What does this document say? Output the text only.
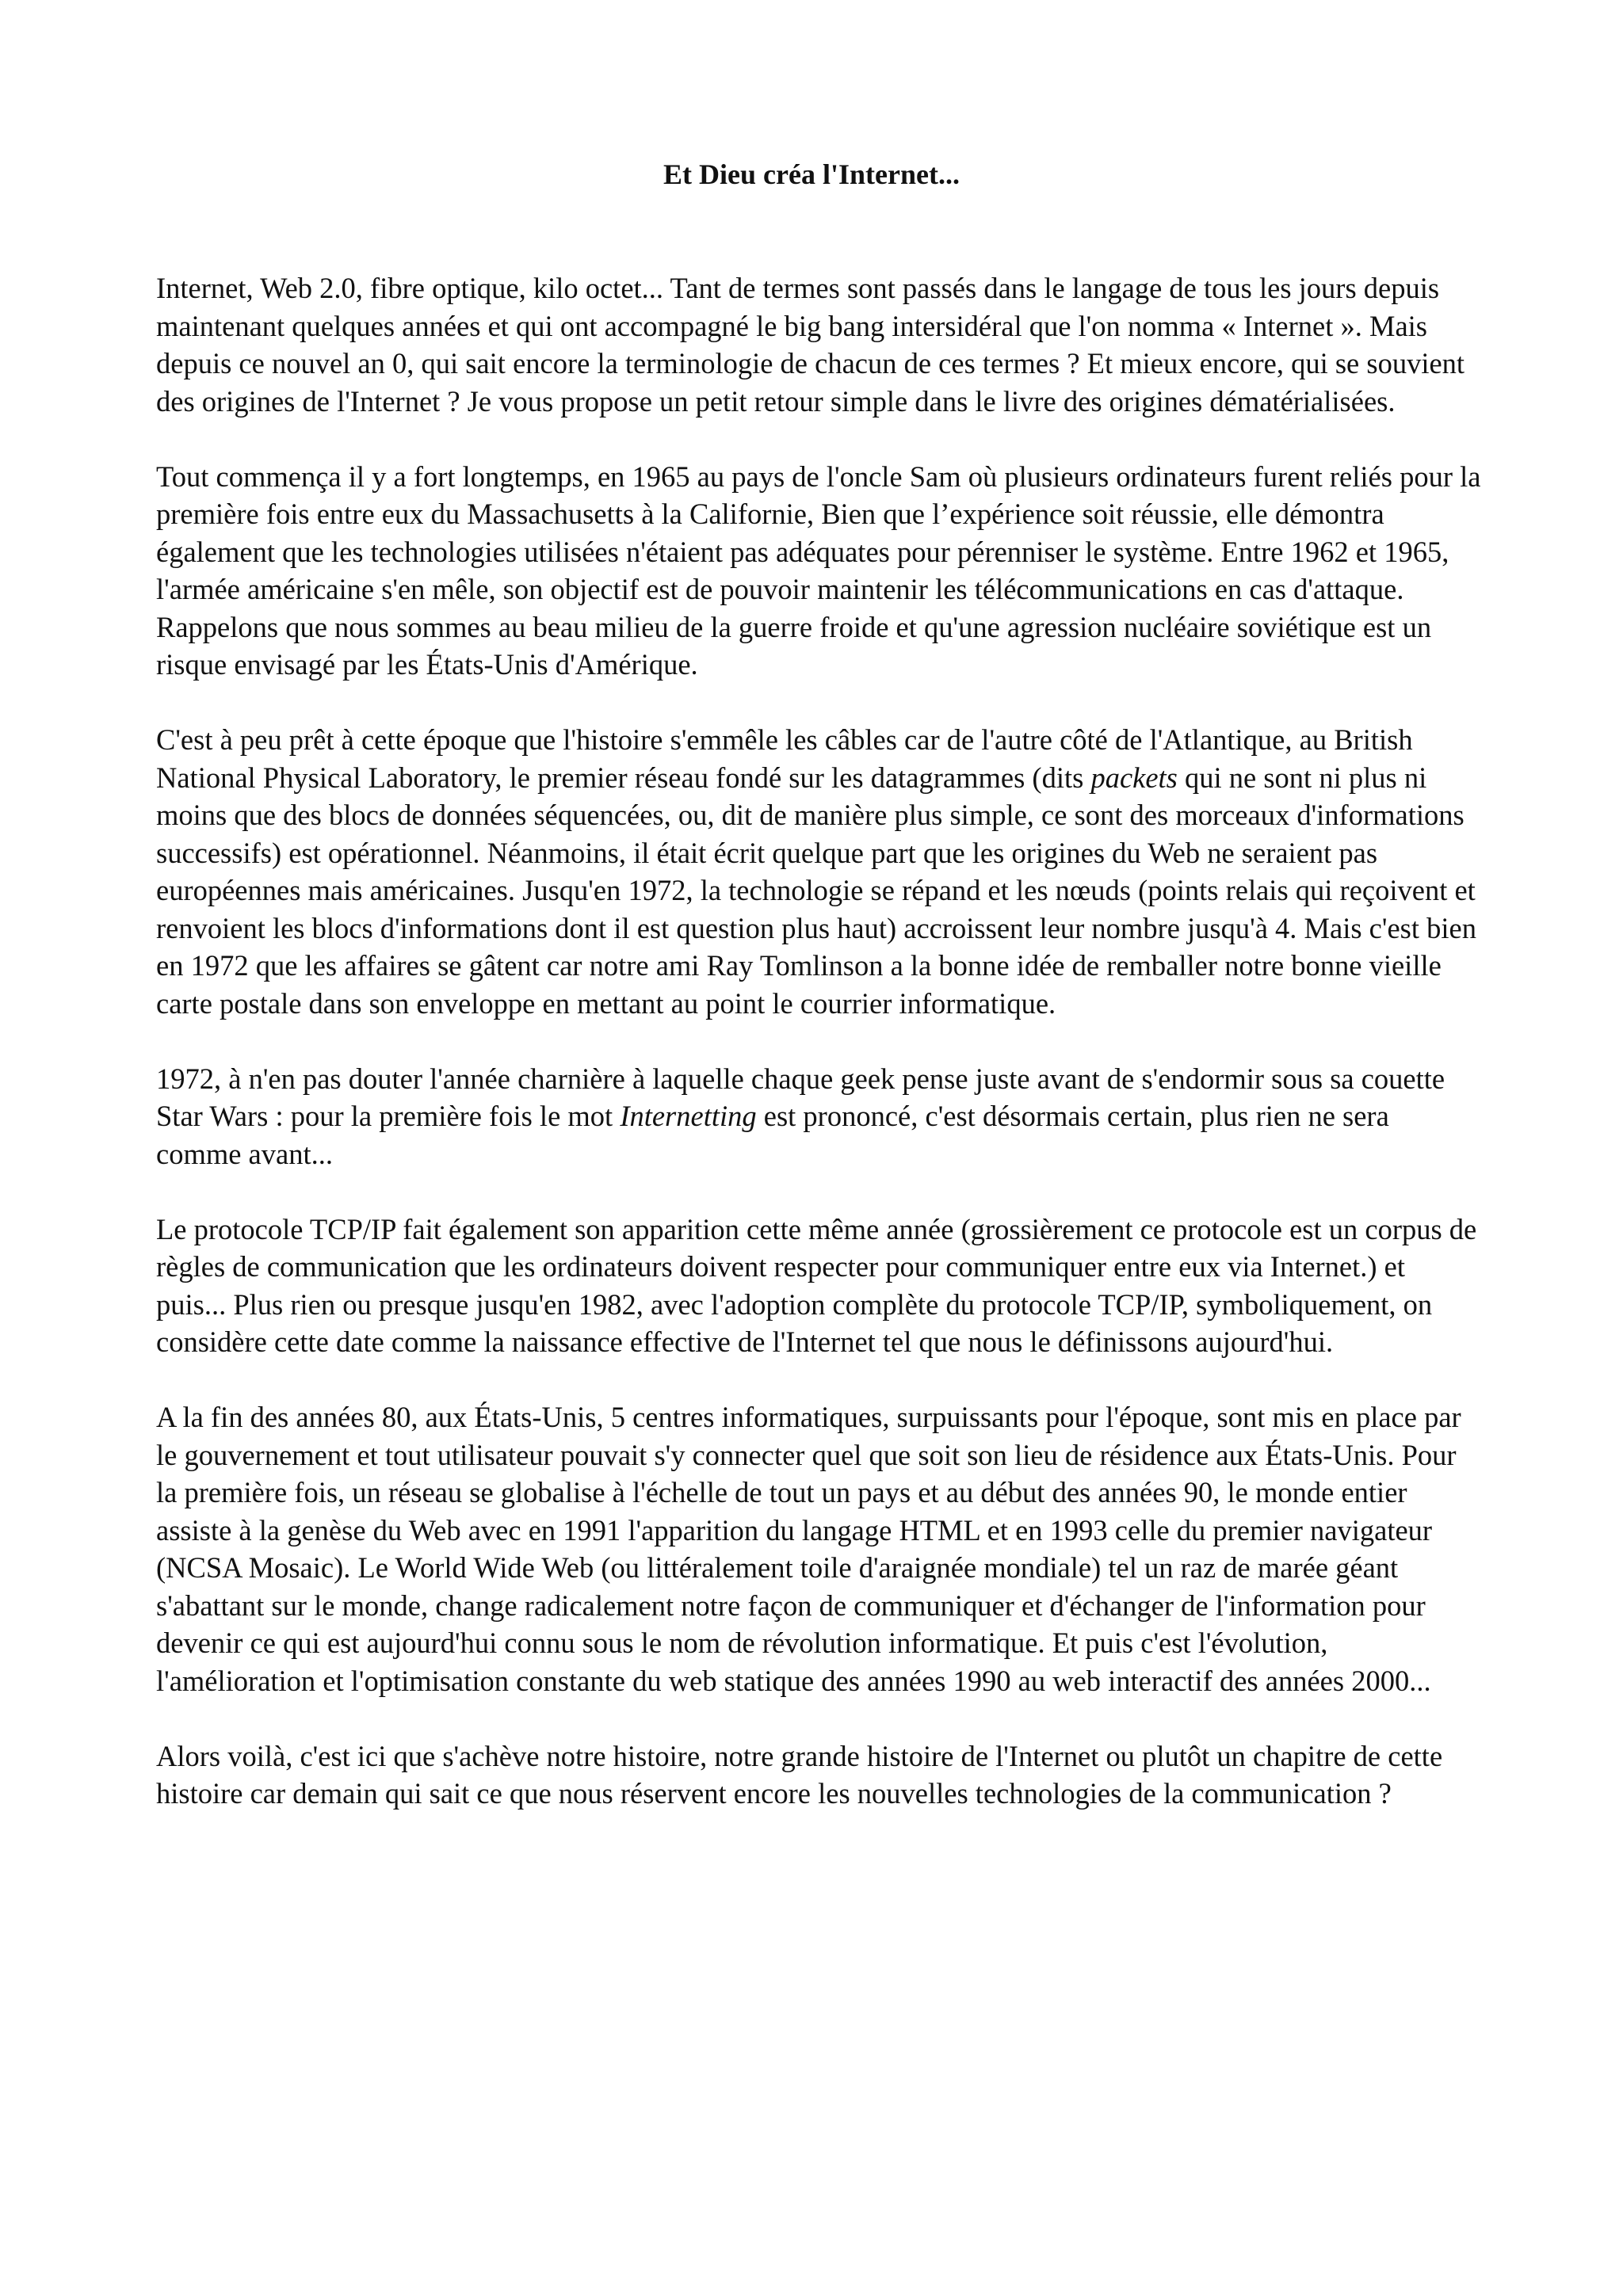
Et Dieu créa l'Internet...

Internet, Web 2.0, fibre optique, kilo octet... Tant de termes sont passés dans le langage de tous les jours depuis maintenant quelques années et qui ont accompagné le big bang intersidéral que l'on nomma « Internet ». Mais depuis ce nouvel an 0, qui sait encore la terminologie de chacun de ces termes ? Et mieux encore, qui se souvient des origines de l'Internet ? Je vous propose un petit retour simple dans le livre des origines dématérialisées.

Tout commença il y a fort longtemps, en 1965 au pays de l'oncle Sam où plusieurs ordinateurs furent reliés pour la première fois entre eux du Massachusetts à la Californie, Bien que l’expérience soit réussie, elle démontra également que les technologies utilisées n'étaient pas adéquates pour pérenniser le système. Entre 1962 et 1965, l'armée américaine s'en mêle, son objectif est de pouvoir maintenir les télécommunications en cas d'attaque. Rappelons que nous sommes au beau milieu de la guerre froide et qu'une agression nucléaire soviétique est un risque envisagé par les États-Unis d'Amérique.

C'est à peu prêt à cette époque que l'histoire s'emmêle les câbles car de l'autre côté de l'Atlantique, au British National Physical Laboratory, le premier réseau fondé sur les datagrammes (dits packets qui ne sont ni plus ni moins que des blocs de données séquencées, ou, dit de manière plus simple, ce sont des morceaux d'informations successifs) est opérationnel. Néanmoins, il était écrit quelque part que les origines du Web ne seraient pas européennes mais américaines. Jusqu'en 1972, la technologie se répand et les nœuds (points relais qui reçoivent et renvoient les blocs d'informations dont il est question plus haut) accroissent leur nombre jusqu'à 4. Mais c'est bien en 1972 que les affaires se gâtent car notre ami Ray Tomlinson a la bonne idée de remballer notre bonne vieille carte postale dans son enveloppe en mettant au point le courrier informatique.

1972, à n'en pas douter l'année charnière à laquelle chaque geek pense juste avant de s'endormir sous sa couette Star Wars : pour la première fois le mot Internetting est prononcé, c'est désormais certain, plus rien ne sera comme avant...

Le protocole TCP/IP fait également son apparition cette même année (grossièrement ce protocole est un corpus de règles de communication que les ordinateurs doivent respecter pour communiquer entre eux via Internet.) et puis... Plus rien ou presque jusqu'en 1982, avec l'adoption complète du protocole TCP/IP, symboliquement, on considère cette date comme la naissance effective de l'Internet tel que nous le définissons aujourd'hui.

A la fin des années 80, aux États-Unis, 5 centres informatiques, surpuissants pour l'époque, sont mis en place par le gouvernement et tout utilisateur pouvait s'y connecter quel que soit son lieu de résidence aux États-Unis. Pour la première fois, un réseau se globalise à l'échelle de tout un pays et au début des années 90, le monde entier assiste à la genèse du Web avec en 1991 l'apparition du langage HTML et en 1993 celle du premier navigateur (NCSA Mosaic). Le World Wide Web (ou littéralement toile d'araignée mondiale) tel un raz de marée géant s'abattant sur le monde, change radicalement notre façon de communiquer et d'échanger de l'information pour devenir ce qui est aujourd'hui connu sous le nom de révolution informatique. Et puis c'est l'évolution, l'amélioration et l'optimisation constante du web statique des années 1990 au web interactif des années 2000...

Alors voilà, c'est ici que s'achève notre histoire, notre grande histoire de l'Internet ou plutôt un chapitre de cette histoire car demain qui sait ce que nous réservent encore les nouvelles technologies de la communication ?
